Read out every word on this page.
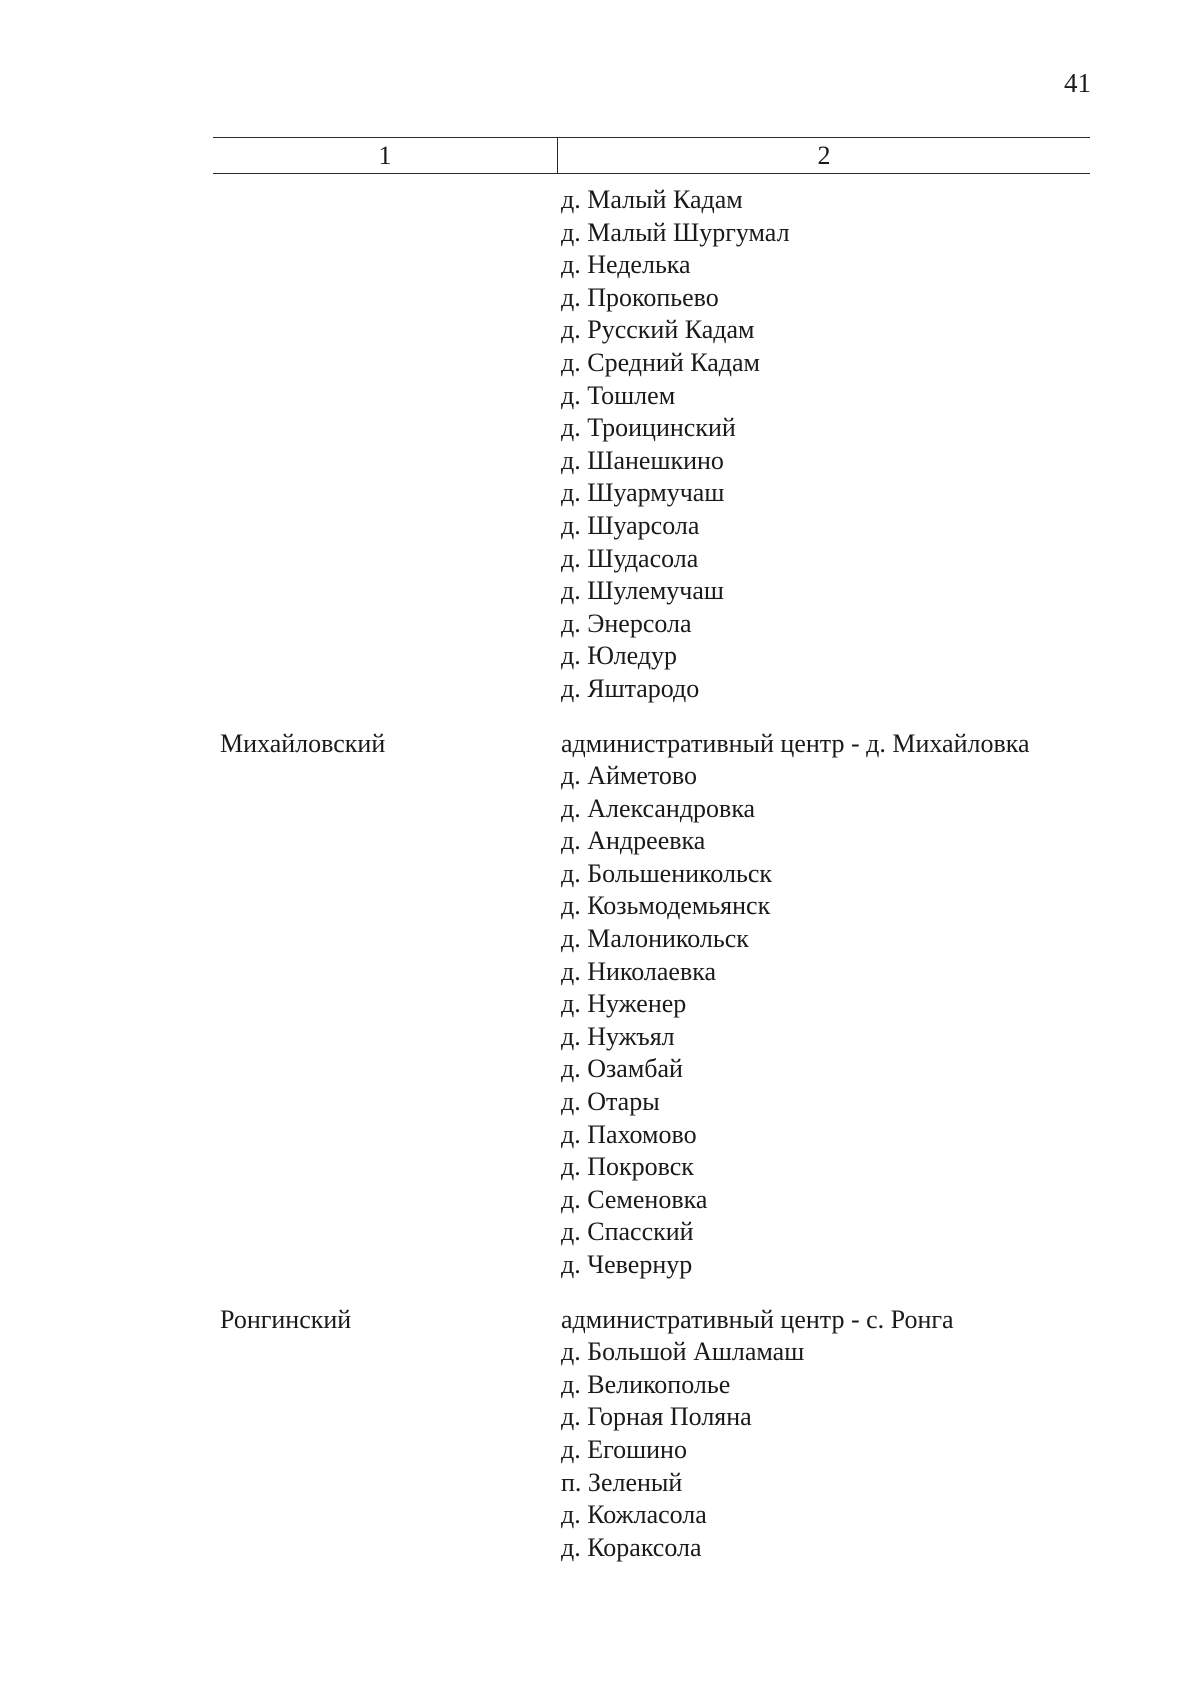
41
1	2
д. Малый Кадам
д. Малый Шургумал
д. Неделька
д. Прокопьево
д. Русский Кадам
д. Средний Кадам
д. Тошлем
д. Троицинский
д. Шанешкино
д. Шуармучаш
д. Шуарсола
д. Шудасола
д. Шулемучаш
д. Энерсола
д. Юледур
д. Яштародо
Михайловский	административный центр - д. Михайловка
д. Айметово
д. Александровка
д. Андреевка
д. Большеникольск
д. Козьмодемьянск
д. Малоникольск
д. Николаевка
д. Нуженер
д. Нужъял
д. Озамбай
д. Отары
д. Пахомово
д. Покровск
д. Семеновка
д. Спасский
д. Чевернур
Ронгинский	административный центр - с. Ронга
д. Большой Ашламаш
д. Великополье
д. Горная Поляна
д. Егошино
п. Зеленый
д. Кожласола
д. Кораксола
